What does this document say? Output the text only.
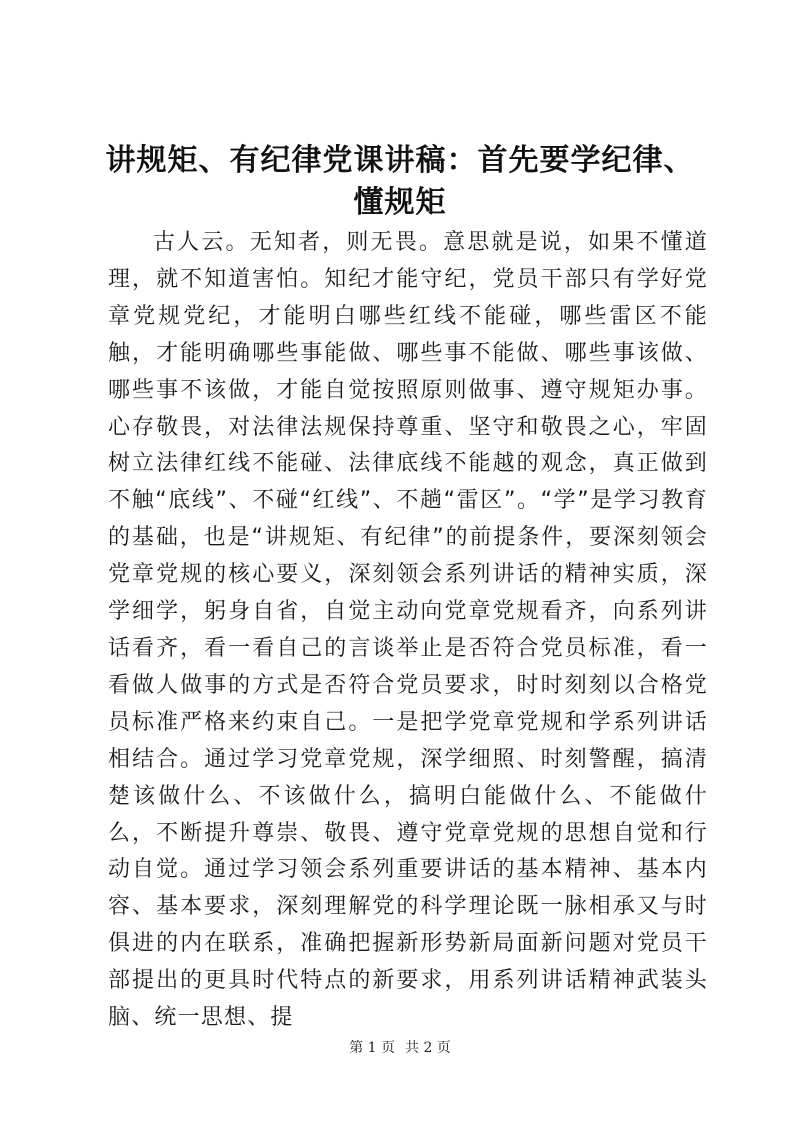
讲规矩、有纪律党课讲稿：首先要学纪律、懂规矩

古人云。无知者，则无畏。意思就是说，如果不懂道理，就不知道害怕。知纪才能守纪，党员干部只有学好党章党规党纪，才能明白哪些红线不能碰，哪些雷区不能触，才能明确哪些事能做、哪些事不能做、哪些事该做、哪些事不该做，才能自觉按照原则做事、遵守规矩办事。心存敬畏，对法律法规保持尊重、坚守和敬畏之心，牢固树立法律红线不能碰、法律底线不能越的观念，真正做到不触“底线”、不碰“红线”、不趟“雷区”。“学”是学习教育的基础，也是“讲规矩、有纪律”的前提条件，要深刻领会党章党规的核心要义，深刻领会系列讲话的精神实质，深学细学，躬身自省，自觉主动向党章党规看齐，向系列讲话看齐，看一看自己的言谈举止是否符合党员标准，看一看做人做事的方式是否符合党员要求，时时刻刻以合格党员标准严格来约束自己。一是把学党章党规和学系列讲话相结合。通过学习党章党规，深学细照、时刻警醒，搞清楚该做什么、不该做什么，搞明白能做什么、不能做什么，不断提升尊崇、敬畏、遵守党章党规的思想自觉和行动自觉。通过学习领会系列重要讲话的基本精神、基本内容、基本要求，深刻理解党的科学理论既一脉相承又与时俱进的内在联系，准确把握新形势新局面新问题对党员干部提出的更具时代特点的新要求，用系列讲话精神武装头脑、统一思想、提

第 1 页 共 2 页
